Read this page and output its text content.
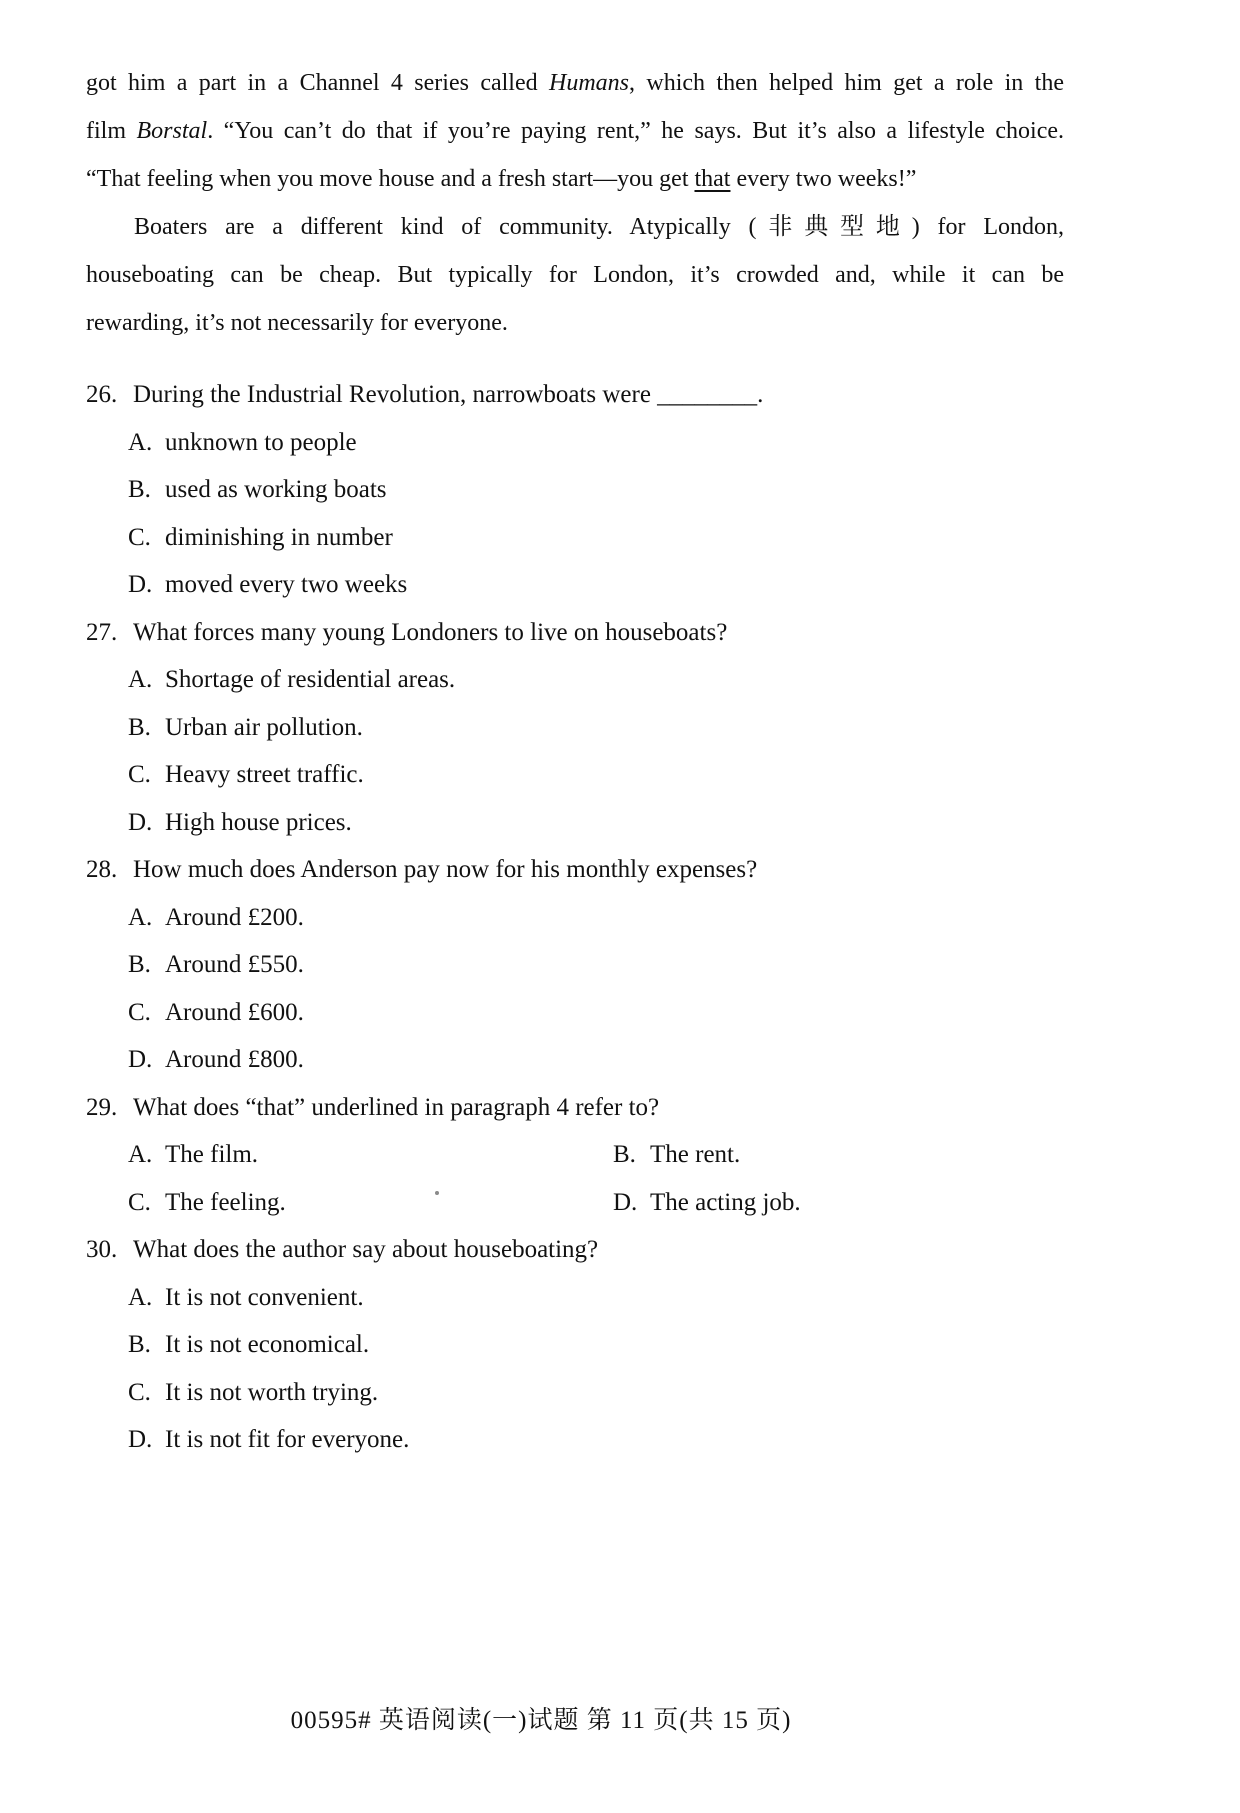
got him a part in a Channel 4 series called Humans, which then helped him get a role in the
film Borstal. “You can’t do that if you’re paying rent,” he says. But it’s also a lifestyle choice.
“That feeling when you move house and a fresh start—you get that every two weeks!”
Boaters are a different kind of community. Atypically (非典型地) for London,
houseboating can be cheap. But typically for London, it’s crowded and, while it can be
rewarding, it’s not necessarily for everyone.
26. During the Industrial Revolution, narrowboats were ________.
A. unknown to people
B. used as working boats
C. diminishing in number
D. moved every two weeks
27. What forces many young Londoners to live on houseboats?
A. Shortage of residential areas.
B. Urban air pollution.
C. Heavy street traffic.
D. High house prices.
28. How much does Anderson pay now for his monthly expenses?
A. Around £200.
B. Around £550.
C. Around £600.
D. Around £800.
29. What does “that” underlined in paragraph 4 refer to?
A. The film.	B. The rent.
C. The feeling.	D. The acting job.
30. What does the author say about houseboating?
A. It is not convenient.
B. It is not economical.
C. It is not worth trying.
D. It is not fit for everyone.
00595# 英语阅读(一)试题 第 11 页(共 15 页)
